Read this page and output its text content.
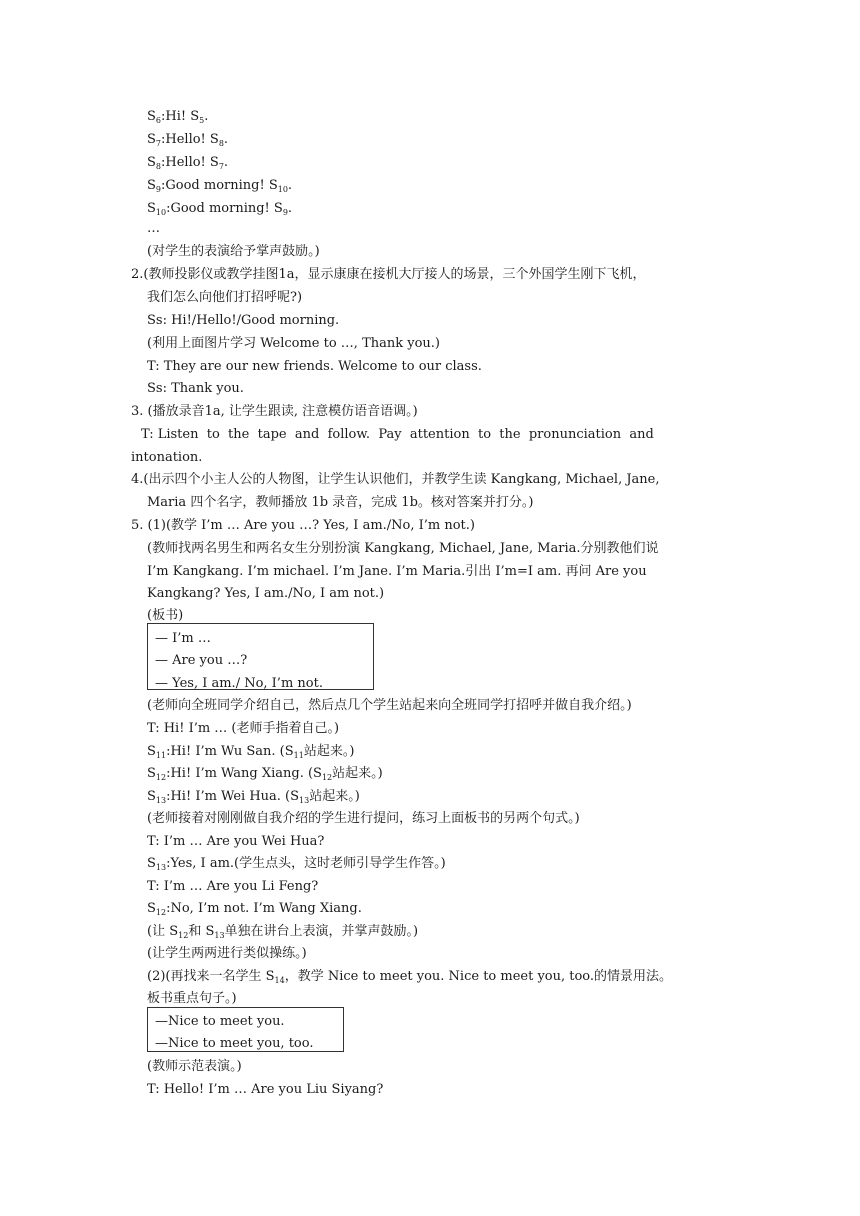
$S_6:Hi$! $S_5$.
$S_7:Hello$! $S_8$.
$S_8:Hello$! $S_7$.
$S_9:Good$ morning! $S_{10}$.
$S_{10}:Good$ morning! $S_9$.
…
(对学生的表演给予掌声鼓励。)
2.(教师投影仪或教学挂图1a，显示康康在接机大厅接人的场景，三个外国学生刚下飞机，
我们怎么向他们打招呼呢?)
Ss: Hi!/Hello!/Good morning.
(利用上面图片学习 Welcome to …, Thank you.)
T: They are our new friends. Welcome to our class.
Ss: Thank you.
3. (播放录音1a, 让学生跟读, 注意模仿语音语调。)
T: Listen  to  the  tape  and  follow.  Pay  attention  to  the  pronunciation  and
intonation.
4.(出示四个小主人公的人物图，让学生认识他们，并教学生读 Kangkang, Michael, Jane,
Maria 四个名字，教师播放 1b 录音，完成 1b。核对答案并打分。)
5. (1)(教学 I’m … Are you …? Yes, I am./No, I’m not.)
(教师找两名男生和两名女生分别扮演 Kangkang, Michael, Jane, Maria.分别教他们说
I’m Kangkang. I’m michael. I’m Jane. I’m Maria.引出 I’m=I am. 再问 Are you
Kangkang? Yes, I am./No, I am not.)
(板书)
— I’m …
— Are you …?
— Yes, I am./ No, I’m not.
(老师向全班同学介绍自己，然后点几个学生站起来向全班同学打招呼并做自我介绍。)
T: Hi! I’m … (老师手指着自己。)
$S_{11}:Hi$! I’m Wu San. ($S_{11}$站起来。)
$S_{12}:Hi$! I’m Wang Xiang. ($S_{12}$站起来。)
$S_{13}:Hi$! I’m Wei Hua. ($S_{13}$站起来。)
(老师接着对刚刚做自我介绍的学生进行提问，练习上面板书的另两个句式。)
T: I’m … Are you Wei Hua?
$S_{13}:Yes$, I am.(学生点头，这时老师引导学生作答。)
T: I’m … Are you Li Feng?
$S_{12}:No$, I’m not. I’m Wang Xiang.
(让 $S_{12}$和 $S_{13}$单独在讲台上表演，并掌声鼓励。)
(让学生两两进行类似操练。)
(2)(再找来一名学生 $S_{14}$，教学 Nice to meet you. Nice to meet you, too.的情景用法。
板书重点句子。)
—Nice to meet you.
—Nice to meet you, too.
(教师示范表演。)
T: Hello! I’m … Are you Liu Siyang?
